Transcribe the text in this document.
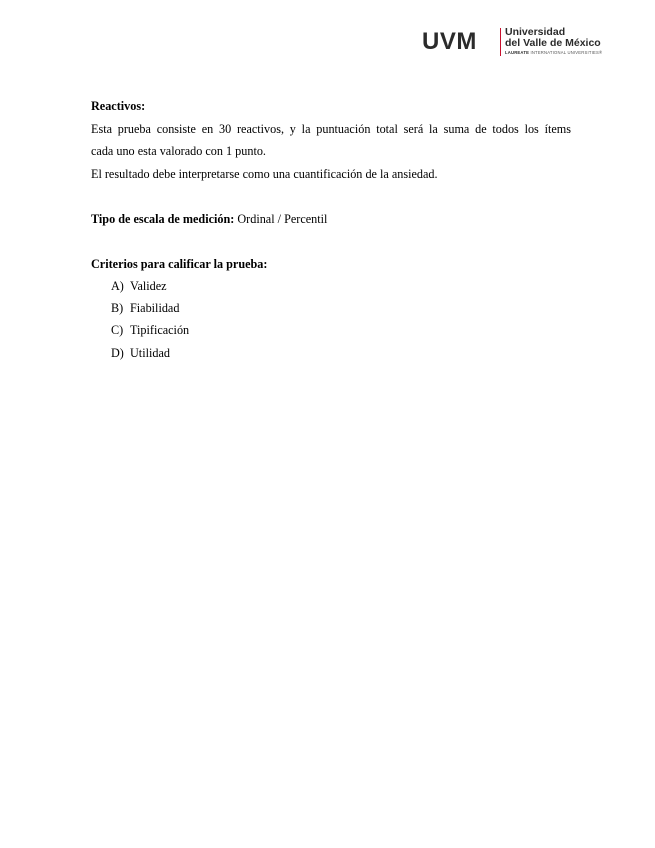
UVM	Universidad
del Valle de México
LAUREATE INTERNATIONAL UNIVERSITIES®
Reactivos:
Esta prueba consiste en 30 reactivos, y la puntuación total será la suma de todos los ítems
cada uno esta valorado con 1 punto.
El resultado debe interpretarse como una cuantificación de la ansiedad.
Tipo de escala de medición: Ordinal / Percentil
Criterios para calificar la prueba:
A) Validez
B) Fiabilidad
C) Tipificación
D) Utilidad
